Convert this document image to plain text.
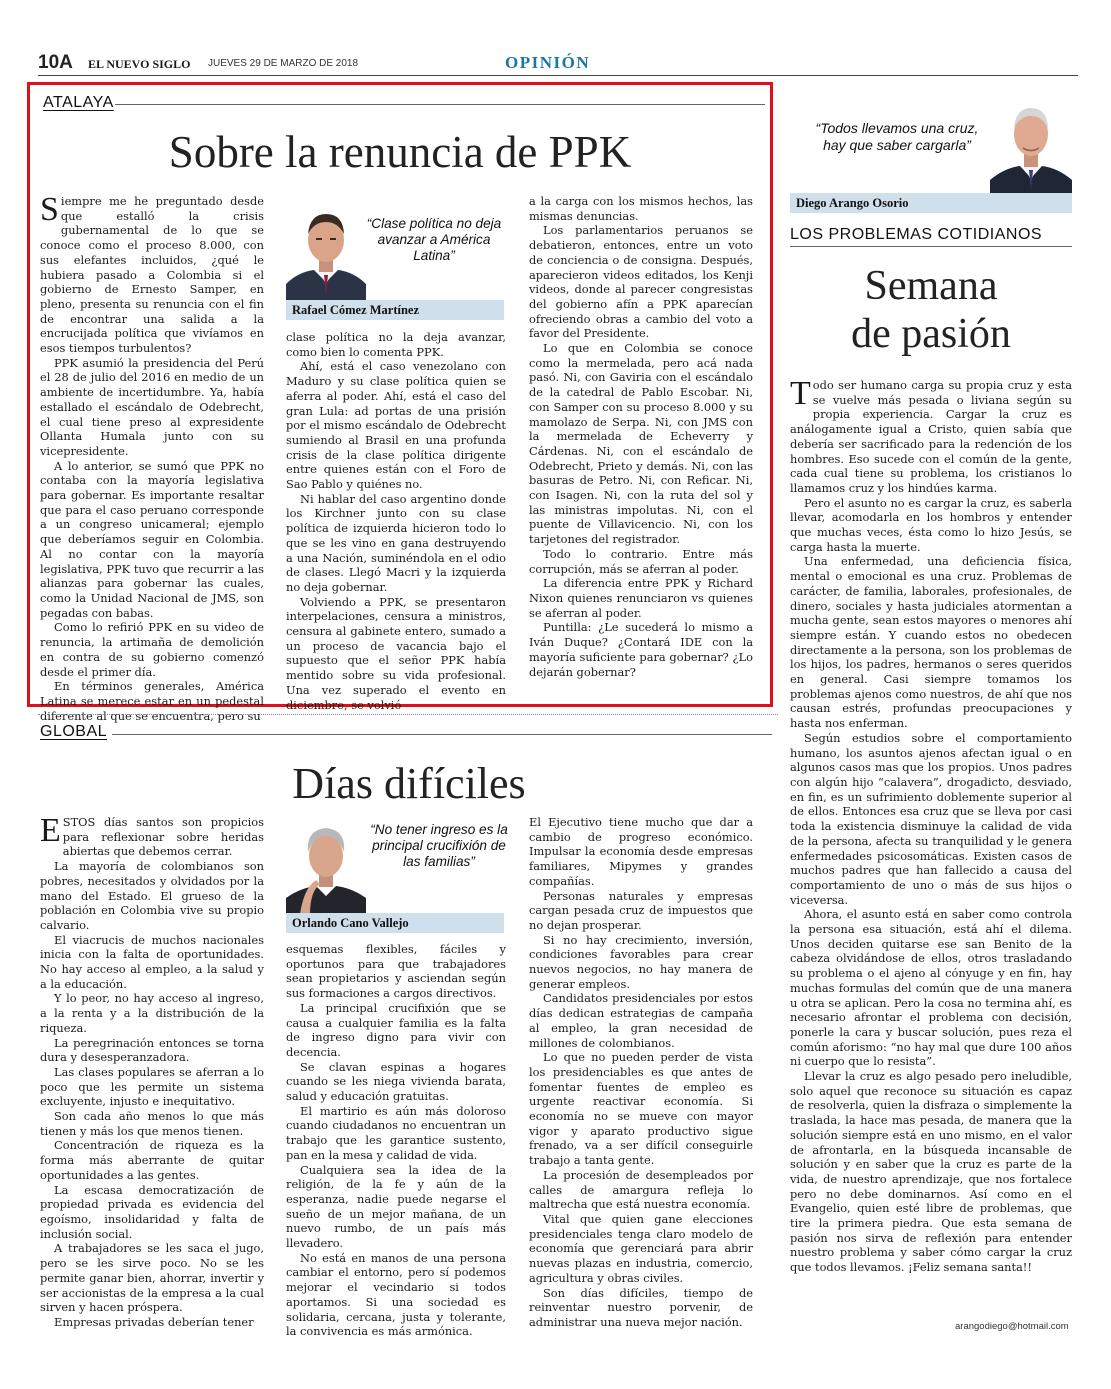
10A EL NUEVO SIGLO JUEVES 29 DE MARZO DE 2018	OPINIÓN
ATALAYA
Sobre la renuncia de PPK

Siempre me he preguntado desde que estalló la crisis gubernamental de lo que se conoce como el proceso 8.000, con sus elefantes incluidos, ¿qué le hubiera pasado a Colombia si el gobierno de Ernesto Samper, en pleno, presenta su renuncia con el fin de encontrar una salida a la encrucijada política que vivíamos en esos tiempos turbulentos?

PPK asumió la presidencia del Perú el 28 de julio del 2016 en medio de un ambiente de incertidumbre. Ya, había estallado el escándalo de Odebrecht, el cual tiene preso al expresidente Ollanta Humala junto con su vicepresidente.

A lo anterior, se sumó que PPK no contaba con la mayoría legislativa para gobernar. Es importante resaltar que para el caso peruano corresponde a un congreso unicameral; ejemplo que deberíamos seguir en Colombia. Al no contar con la mayoría legislativa, PPK tuvo que recurrir a las alianzas para gobernar las cuales, como la Unidad Nacional de JMS, son pegadas con babas.

Como lo refirió PPK en su video de renuncia, la artimaña de demolición en contra de su gobierno comenzó desde el primer día.

En términos generales, América Latina se merece estar en un pedestal diferente al que se encuentra, pero su

“Clase política no deja avanzar a América Latina”
Rafael Cómez Martínez

clase política no la deja avanzar, como bien lo comenta PPK.

Ahí, está el caso venezolano con Maduro y su clase política quien se aferra al poder. Ahí, está el caso del gran Lula: ad portas de una prisión por el mismo escándalo de Odebrecht sumiendo al Brasil en una profunda crisis de la clase política dirigente entre quienes están con el Foro de Sao Pablo y quiénes no.

Ni hablar del caso argentino donde los Kirchner junto con su clase política de izquierda hicieron todo lo que se les vino en gana destruyendo a una Nación, suminéndola en el odio de clases. Llegó Macri y la izquierda no deja gobernar.

Volviendo a PPK, se presentaron interpelaciones, censura a ministros, censura al gabinete entero, sumado a un proceso de vacancia bajo el supuesto que el señor PPK había mentido sobre su vida profesional. Una vez superado el evento en diciembre, se volvió

a la carga con los mismos hechos, las mismas denuncias.

Los parlamentarios peruanos se debatieron, entonces, entre un voto de conciencia o de consigna. Después, aparecieron videos editados, los Kenji videos, donde al parecer congresistas del gobierno afín a PPK aparecían ofreciendo obras a cambio del voto a favor del Presidente.

Lo que en Colombia se conoce como la mermelada, pero acá nada pasó. Ni, con Gaviria con el escándalo de la catedral de Pablo Escobar. Ni, con Samper con su proceso 8.000 y su mamolazo de Serpa. Ni, con JMS con la mermelada de Echeverry y Cárdenas. Ni, con el escándalo de Odebrecht, Prieto y demás. Ni, con las basuras de Petro. Ni, con Reficar. Ni, con Isagen. Ni, con la ruta del sol y las ministras impolutas. Ni, con el puente de Villavicencio. Ni, con los tarjetones del registrador.

Todo lo contrario. Entre más corrupción, más se aferran al poder.

La diferencia entre PPK y Richard Nixon quienes renunciaron vs quienes se aferran al poder.

Puntilla: ¿Le sucederá lo mismo a Iván Duque? ¿Contará IDE con la mayoría suficiente para gobernar? ¿Lo dejarán gobernar?

“Todos llevamos una cruz, hay que saber cargarla”
Diego Arango Osorio
LOS PROBLEMAS COTIDIANOS
Semana
de pasión

Todo ser humano carga su propia cruz y esta se vuelve más pesada o liviana según su propia experiencia. Cargar la cruz es análogamente igual a Cristo, quien sabía que debería ser sacrificado para la redención de los hombres. Eso sucede con el común de la gente, cada cual tiene su problema, los cristianos lo llamamos cruz y los hindúes karma.

Pero el asunto no es cargar la cruz, es saberla llevar, acomodarla en los hombros y entender que muchas veces, ésta como lo hizo Jesús, se carga hasta la muerte.

Una enfermedad, una deficiencia física, mental o emocional es una cruz. Problemas de carácter, de familia, laborales, profesionales, de dinero, sociales y hasta judiciales atormentan a mucha gente, sean estos mayores o menores ahí siempre están. Y cuando estos no obedecen directamente a la persona, son los problemas de los hijos, los padres, hermanos o seres queridos en general. Casi siempre tomamos los problemas ajenos como nuestros, de ahí que nos causan estrés, profundas preocupaciones y hasta nos enferman.

Según estudios sobre el comportamiento humano, los asuntos ajenos afectan igual o en algunos casos mas que los propios. Unos padres con algún hijo “calavera”, drogadicto, desviado, en fin, es un sufrimiento doblemente superior al de ellos. Entonces esa cruz que se lleva por casi toda la existencia disminuye la calidad de vida de la persona, afecta su tranquilidad y le genera enfermedades psicosomáticas. Existen casos de muchos padres que han fallecido a causa del comportamiento de uno o más de sus hijos o viceversa.

Ahora, el asunto está en saber como controla la persona esa situación, está ahí el dilema. Unos deciden quitarse ese san Benito de la cabeza olvidándose de ellos, otros trasladando su problema o el ajeno al cónyuge y en fin, hay muchas formulas del común que de una manera u otra se aplican. Pero la cosa no termina ahí, es necesario afrontar el problema con decisión, ponerle la cara y buscar solución, pues reza el común aforismo: “no hay mal que dure 100 años ni cuerpo que lo resista”.

Llevar la cruz es algo pesado pero ineludible, solo aquel que reconoce su situación es capaz de resolverla, quien la disfraza o simplemente la traslada, la hace mas pesada, de manera que la solución siempre está en uno mismo, en el valor de afrontarla, en la búsqueda incansable de solución y en saber que la cruz es parte de la vida, de nuestro aprendizaje, que nos fortalece pero no debe dominarnos. Así como en el Evangelio, quien esté libre de problemas, que tire la primera piedra. Que esta semana de pasión nos sirva de reflexión para entender nuestro problema y saber cómo cargar la cruz que todos llevamos. ¡Feliz semana santa!!

arangodiego@hotmail.com
GLOBAL
Días difíciles

ESTOS días santos son propicios para reflexionar sobre heridas abiertas que debemos cerrar.

La mayoría de colombianos son pobres, necesitados y olvidados por la mano del Estado. El grueso de la población en Colombia vive su propio calvario.

El viacrucis de muchos nacionales inicia con la falta de oportunidades. No hay acceso al empleo, a la salud y a la educación.

Y lo peor, no hay acceso al ingreso, a la renta y a la distribución de la riqueza.

La peregrinación entonces se torna dura y desesperanzadora.

Las clases populares se aferran a lo poco que les permite un sistema excluyente, injusto e inequitativo.

Son cada año menos lo que más tienen y más los que menos tienen.

Concentración de riqueza es la forma más aberrante de quitar oportunidades a las gentes.

La escasa democratización de propiedad privada es evidencia del egoísmo, insolidaridad y falta de inclusión social.

A trabajadores se les saca el jugo, pero se les sirve poco. No se les permite ganar bien, ahorrar, invertir y ser accionistas de la empresa a la cual sirven y hacen próspera.

Empresas privadas deberían tener

“No tener ingreso es la principal crucifixión de las familias”
Orlando Cano Vallejo

esquemas flexibles, fáciles y oportunos para que trabajadores sean propietarios y asciendan según sus formaciones a cargos directivos.

La principal crucifixión que se causa a cualquier familia es la falta de ingreso digno para vivir con decencia.

Se clavan espinas a hogares cuando se les niega vivienda barata, salud y educación gratuitas.

El martirio es aún más doloroso cuando ciudadanos no encuentran un trabajo que les garantice sustento, pan en la mesa y calidad de vida.

Cualquiera sea la idea de la religión, de la fe y aún de la esperanza, nadie puede negarse el sueño de un mejor mañana, de un nuevo rumbo, de un país más llevadero.

No está en manos de una persona cambiar el entorno, pero sí podemos mejorar el vecindario si todos aportamos. Si una sociedad es solidaria, cercana, justa y tolerante, la convivencia es más armónica.

El Ejecutivo tiene mucho que dar a cambio de progreso económico. Impulsar la economía desde empresas familiares, Mipymes y grandes compañías.

Personas naturales y empresas cargan pesada cruz de impuestos que no dejan prosperar.

Si no hay crecimiento, inversión, condiciones favorables para crear nuevos negocios, no hay manera de generar empleos.

Candidatos presidenciales por estos días dedican estrategias de campaña al empleo, la gran necesidad de millones de colombianos.

Lo que no pueden perder de vista los presidenciables es que antes de fomentar fuentes de empleo es urgente reactivar economía. Si economía no se mueve con mayor vigor y aparato productivo sigue frenado, va a ser difícil conseguirle trabajo a tanta gente.

La procesión de desempleados por calles de amargura refleja lo maltrecha que está nuestra economía.

Vital que quien gane elecciones presidenciales tenga claro modelo de economía que gerenciará para abrir nuevas plazas en industria, comercio, agricultura y obras civiles.

Son días difíciles, tiempo de reinventar nuestro porvenir, de administrar una nueva mejor nación.
